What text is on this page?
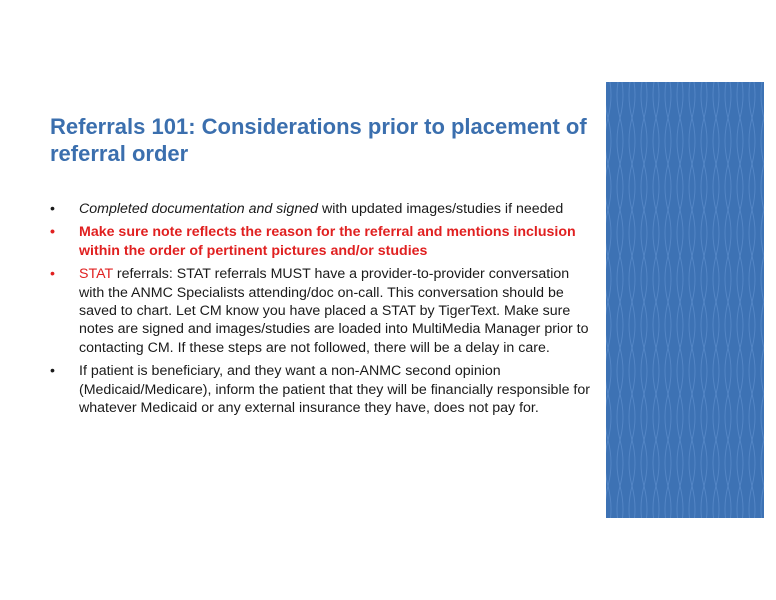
Referrals 101: Considerations prior to placement of referral order
•	Completed documentation and signed with updated images/studies if needed
•	Make sure note reflects the reason for the referral and mentions inclusion within the order of pertinent pictures and/or studies
•	STAT referrals: STAT referrals MUST have a provider-to-provider conversation with the ANMC Specialists attending/doc on-call. This conversation should be saved to chart. Let CM know you have placed a STAT by TigerText. Make sure notes are signed and images/studies are loaded into MultiMedia Manager prior to contacting CM. If these steps are not followed, there will be a delay in care.
•	If patient is beneficiary, and they want a non-ANMC second opinion (Medicaid/Medicare), inform the patient that they will be financially responsible for whatever Medicaid or any external insurance they have, does not pay for.
